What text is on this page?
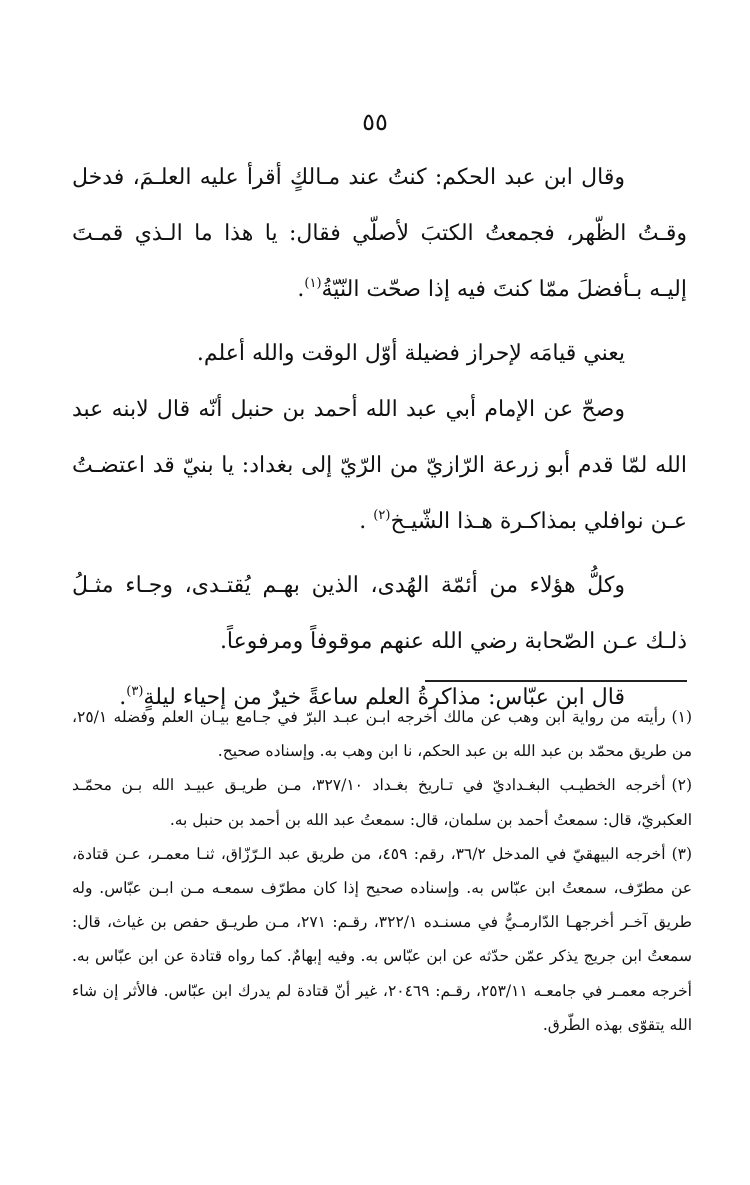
٥٥

وقال ابن عبد الحكم: كنتُ عند مـالكٍ أقرأ عليه العلـمَ، فدخل وقـتُ الظّهر، فجمعتُ الكتبَ لأصلّي فقال: يا هذا ما الـذي قمـتَ إليـه بـأفضلَ ممّا كنتَ فيه إذا صحّت النّيّةُ$^{(١)}$.

يعني قيامَه لإحراز فضيلة أوّل الوقت والله أعلم.

وصحّ عن الإمام أبي عبد الله أحمد بن حنبل أنّه قال لابنه عبد الله لمّا قدم أبو زرعة الرّازيّ من الرّيّ إلى بغداد: يا بنيّ قد اعتضـتُ عـن نوافلي بمذاكـرة هـذا الشّيـخ$^{(٢)}$ .

وكلُّ هؤلاء من أئمّة الهُدى، الذين بهـم يُقتـدى، وجـاء مثـلُ ذلـك عـن الصّحابة رضي الله عنهم موقوفاً ومرفوعاً.

قال ابن عبّاس: مذاكرةُ العلم ساعةً خيرٌ من إحياء ليلةٍ$^{(٣)}$.

(١)رأيته من رواية ابن وهب عن مالك أخرجه ابـن عبـد البرّ في جـامع بيـان العلم وفضله ٢٥/١، من طريق محمّد بن عبد الله بن عبد الحكم، نا ابن وهب به. وإسناده صحيح.

(٢)أخرجه الخطيـب البغـداديّ في تـاريخ بغـداد ٣٢٧/١٠، مـن طريـق عبيـد الله بـن محمّـد العكبريّ، قال: سمعتُ أحمد بن سلمان، قال: سمعتُ عبد الله بن أحمد بن حنبل به.

(٣)أخرجه البيهقيّ في المدخل ٣٦/٢، رقم: ٤٥٩، من طريق عبد الـرّزّاق، ثنـا معمـر، عـن قتادة، عن مطرّف، سمعتُ ابن عبّاس به. وإسناده صحيح إذا كان مطرّف سمعـه مـن ابـن عبّاس. وله طريق آخـر أخرجهـا الدّارمـيُّ في مسنـده ٣٢٢/١، رقـم: ٢٧١، مـن طريـق حفص بن غياث، قال: سمعتُ ابن جريج يذكر عمّن حدّثه عن ابن عبّاس به. وفيه إبهامٌ. كما رواه قتادة عن ابن عبّاس به. أخرجه معمـر في جامعـه ٢٥٣/١١، رقـم: ٢٠٤٦٩، غير أنّ قتادة لم يدرك ابن عبّاس. فالأثر إن شاء الله يتقوّى بهذه الطّرق.
